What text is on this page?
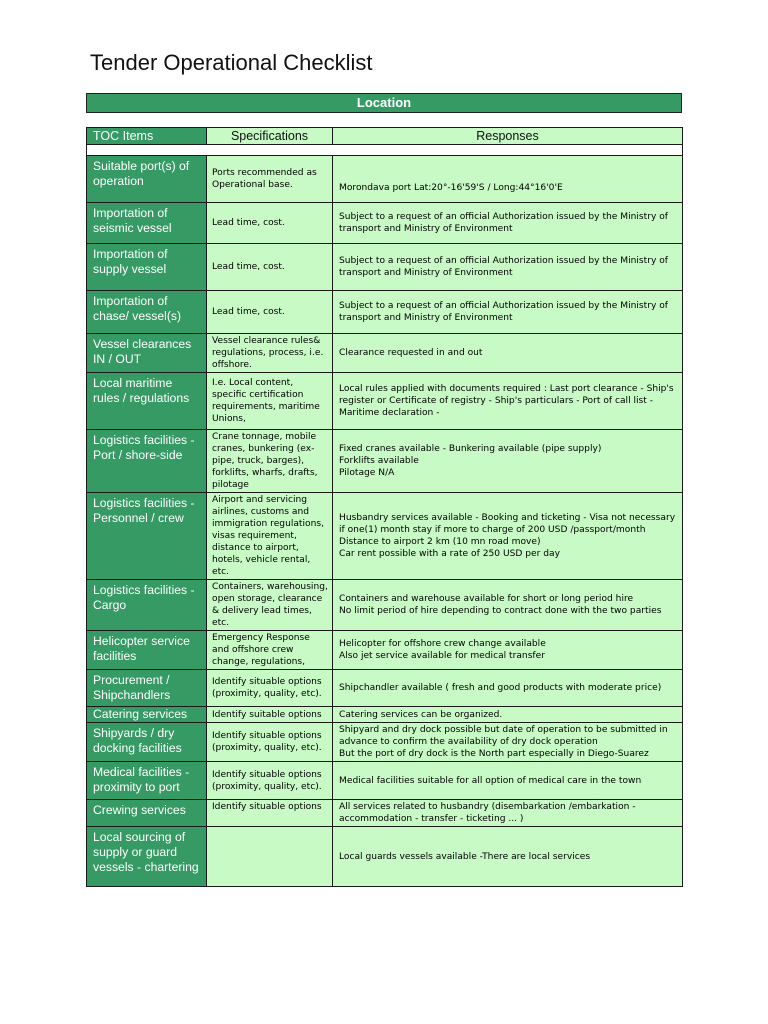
Tender Operational Checklist
Location
TOC Items	Specifications	Responses

Suitable port(s) of operation	Ports recommended as Operational base.	Morondava port Lat:20°-16'59'S / Long:44°16'0'E
Importation of seismic vessel	Lead time, cost.	Subject to a request of an official Authorization issued by the Ministry of transport and Ministry of Environment
Importation of supply vessel	Lead time, cost.	Subject to a request of an official Authorization issued by the Ministry of transport and Ministry of Environment
Importation of chase/ vessel(s)	Lead time, cost.	Subject to a request of an official Authorization issued by the Ministry of transport and Ministry of Environment
Vessel clearances IN / OUT	Vessel clearance rules& regulations, process, i.e. offshore.	Clearance requested in and out
Local maritime rules / regulations	I.e. Local content, specific certification requirements, maritime Unions,	Local rules applied with documents required : Last port clearance - Ship's register or Certificate of registry - Ship's particulars - Port of call list - Maritime declaration -
Logistics facilities - Port / shore-side	Crane tonnage, mobile cranes, bunkering (ex-pipe, truck, barges), forklifts, wharfs, drafts, pilotage	Fixed cranes available - Bunkering available (pipe supply)
Forklifts available
Pilotage N/A
Logistics facilities - Personnel / crew	Airport and servicing airlines, customs and immigration regulations, visas requirement, distance to airport, hotels, vehicle rental, etc.	Husbandry services available - Booking and ticketing - Visa not necessary if one(1) month stay if more to charge of 200 USD /passport/month
Distance to airport 2 km (10 mn road move)
Car rent possible with a rate of 250 USD per day
Logistics facilities - Cargo	Containers, warehousing, open storage, clearance & delivery lead times, etc.	Containers and warehouse available for short or long period hire
No limit period of hire depending to contract done with the two parties
Helicopter service facilities	Emergency Response and offshore crew change, regulations,	Helicopter for offshore crew change available
Also jet service available for medical transfer
Procurement / Shipchandlers	Identify situable options (proximity, quality, etc).	Shipchandler available ( fresh and good products with moderate price)
Catering services	Identify suitable options	Catering services can be organized.
Shipyards / dry docking facilities	Identify situable options (proximity, quality, etc).	Shipyard and dry dock possible but date of operation to be submitted in advance to confirm the availability of dry dock operation
But the port of dry dock is the North part especially in Diego-Suarez
Medical facilities - proximity to port	Identify situable options (proximity, quality, etc).	Medical facilities suitable for all option of medical care in the town
Crewing services	Identify situable options	All services related to husbandry (disembarkation /embarkation - accommodation - transfer - ticketing ... )
Local sourcing of supply or guard vessels - chartering		Local guards vessels available -There are local services
